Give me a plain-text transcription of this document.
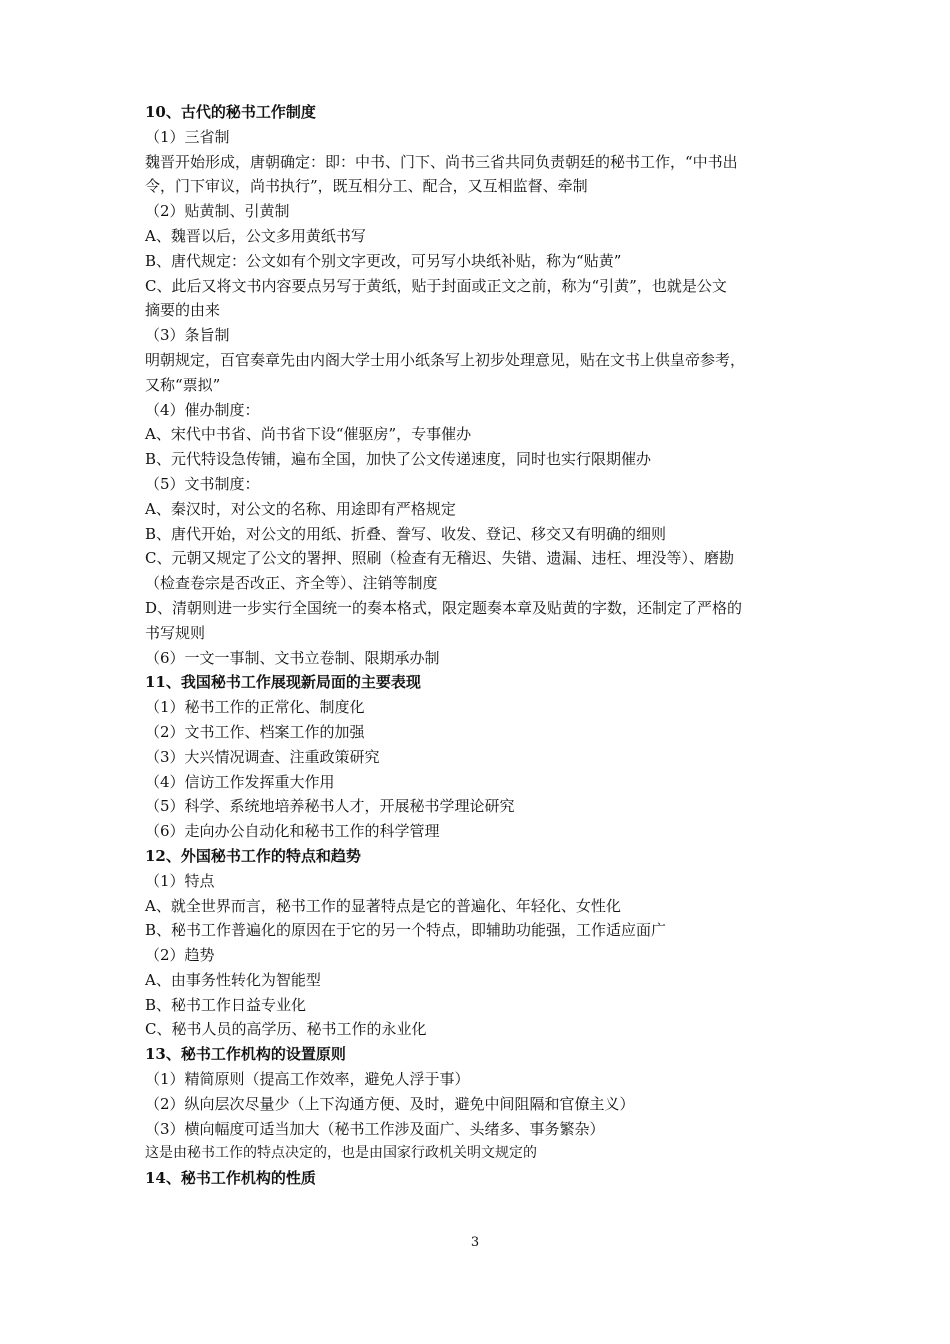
10、古代的秘书工作制度

（1）三省制

魏晋开始形成，唐朝确定：即：中书、门下、尚书三省共同负责朝廷的秘书工作，“中书出

令，门下审议，尚书执行”，既互相分工、配合，又互相监督、牵制

（2）贴黄制、引黄制

A、魏晋以后，公文多用黄纸书写

B、唐代规定：公文如有个别文字更改，可另写小块纸补贴，称为“贴黄”

C、此后又将文书内容要点另写于黄纸，贴于封面或正文之前，称为“引黄”，也就是公文

摘要的由来

（3）条旨制

明朝规定，百官奏章先由内阁大学士用小纸条写上初步处理意见，贴在文书上供皇帝参考，

又称“票拟”

（4）催办制度：

A、宋代中书省、尚书省下设“催驱房”，专事催办

B、元代特设急传铺，遍布全国，加快了公文传递速度，同时也实行限期催办

（5）文书制度：

A、秦汉时，对公文的名称、用途即有严格规定

B、唐代开始，对公文的用纸、折叠、誊写、收发、登记、移交又有明确的细则

C、元朝又规定了公文的署押、照刷（检查有无稽迟、失错、遗漏、违枉、埋没等）、磨勘

（检查卷宗是否改正、齐全等）、注销等制度

D、清朝则进一步实行全国统一的奏本格式，限定题奏本章及贴黄的字数，还制定了严格的

书写规则

（6）一文一事制、文书立卷制、限期承办制

11、我国秘书工作展现新局面的主要表现

（1）秘书工作的正常化、制度化

（2）文书工作、档案工作的加强

（3）大兴情况调查、注重政策研究

（4）信访工作发挥重大作用

（5）科学、系统地培养秘书人才，开展秘书学理论研究

（6）走向办公自动化和秘书工作的科学管理

12、外国秘书工作的特点和趋势

（1）特点

A、就全世界而言，秘书工作的显著特点是它的普遍化、年轻化、女性化

B、秘书工作普遍化的原因在于它的另一个特点，即辅助功能强，工作适应面广

（2）趋势

A、由事务性转化为智能型

B、秘书工作日益专业化

C、秘书人员的高学历、秘书工作的永业化

13、秘书工作机构的设置原则

（1）精简原则（提高工作效率，避免人浮于事）

（2）纵向层次尽量少（上下沟通方便、及时，避免中间阻隔和官僚主义）

（3）横向幅度可适当加大（秘书工作涉及面广、头绪多、事务繁杂）

这是由秘书工作的特点决定的，也是由国家行政机关明文规定的

14、秘书工作机构的性质

3
